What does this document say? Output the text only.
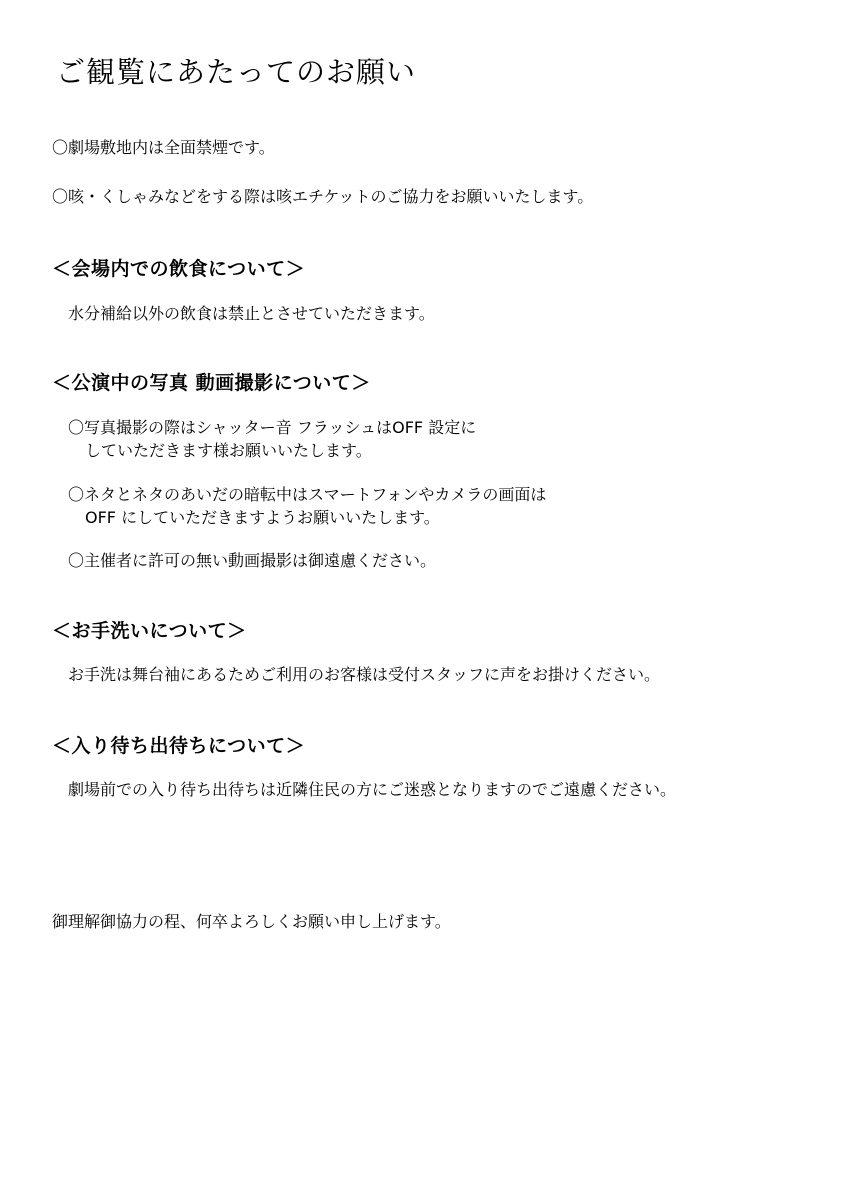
ご観覧にあたってのお願い

〇劇場敷地内は全面禁煙です。

〇咳・くしゃみなどをする際は咳エチケットのご協力をお願いいたします。

＜会場内での飲食について＞

水分補給以外の飲食は禁止とさせていただきます。

＜公演中の写真 動画撮影について＞

〇写真撮影の際はシャッター音 フラッシュはOFF 設定に

していただきます様お願いいたします。

〇ネタとネタのあいだの暗転中はスマートフォンやカメラの画面は

OFF にしていただきますようお願いいたします。

〇主催者に許可の無い動画撮影は御遠慮ください。

＜お手洗いについて＞

お手洗は舞台袖にあるためご利用のお客様は受付スタッフに声をお掛けください。

＜入り待ち出待ちについて＞

劇場前での入り待ち出待ちは近隣住民の方にご迷惑となりますのでご遠慮ください。

御理解御協力の程、何卒よろしくお願い申し上げます。
